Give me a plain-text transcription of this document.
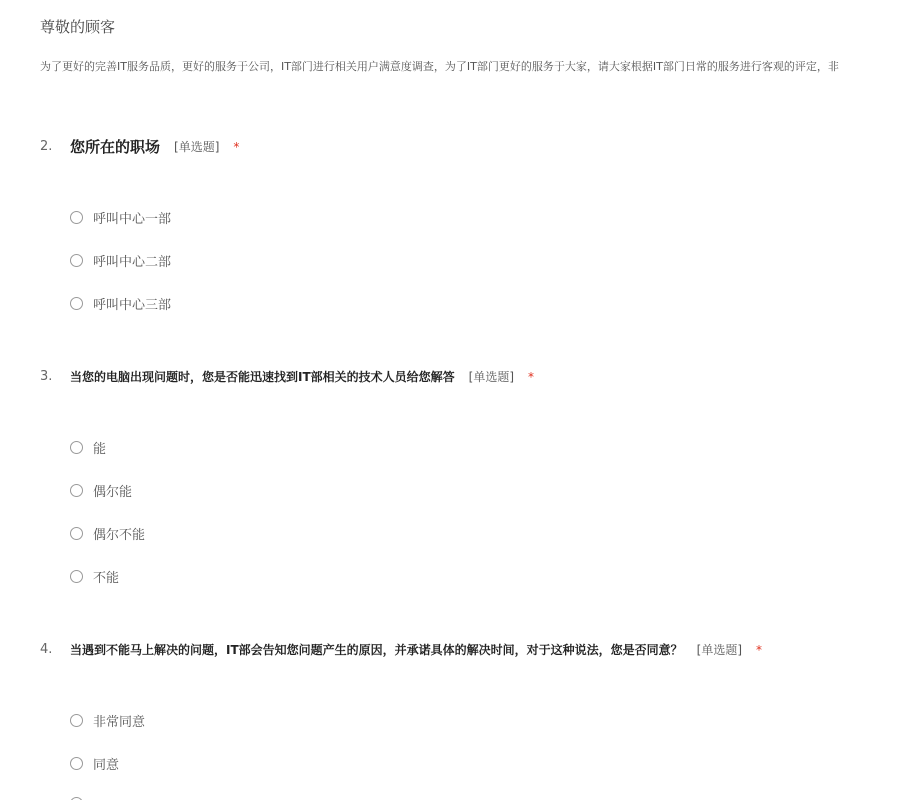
尊敬的顾客
为了更好的完善IT服务品质，更好的服务于公司，IT部门进行相关用户满意度调查，为了IT部门更好的服务于大家，请大家根据IT部门日常的服务进行客观的评定，非
2.	您所在的职场 [单选题] *
呼叫中心一部
呼叫中心二部
呼叫中心三部
3.	当您的电脑出现问题时，您是否能迅速找到IT部相关的技术人员给您解答 [单选题] *
能
偶尔能
偶尔不能
不能
4.	当遇到不能马上解决的问题，IT部会告知您问题产生的原因，并承诺具体的解决时间，对于这种说法，您是否同意？ [单选题] *
非常同意
同意
